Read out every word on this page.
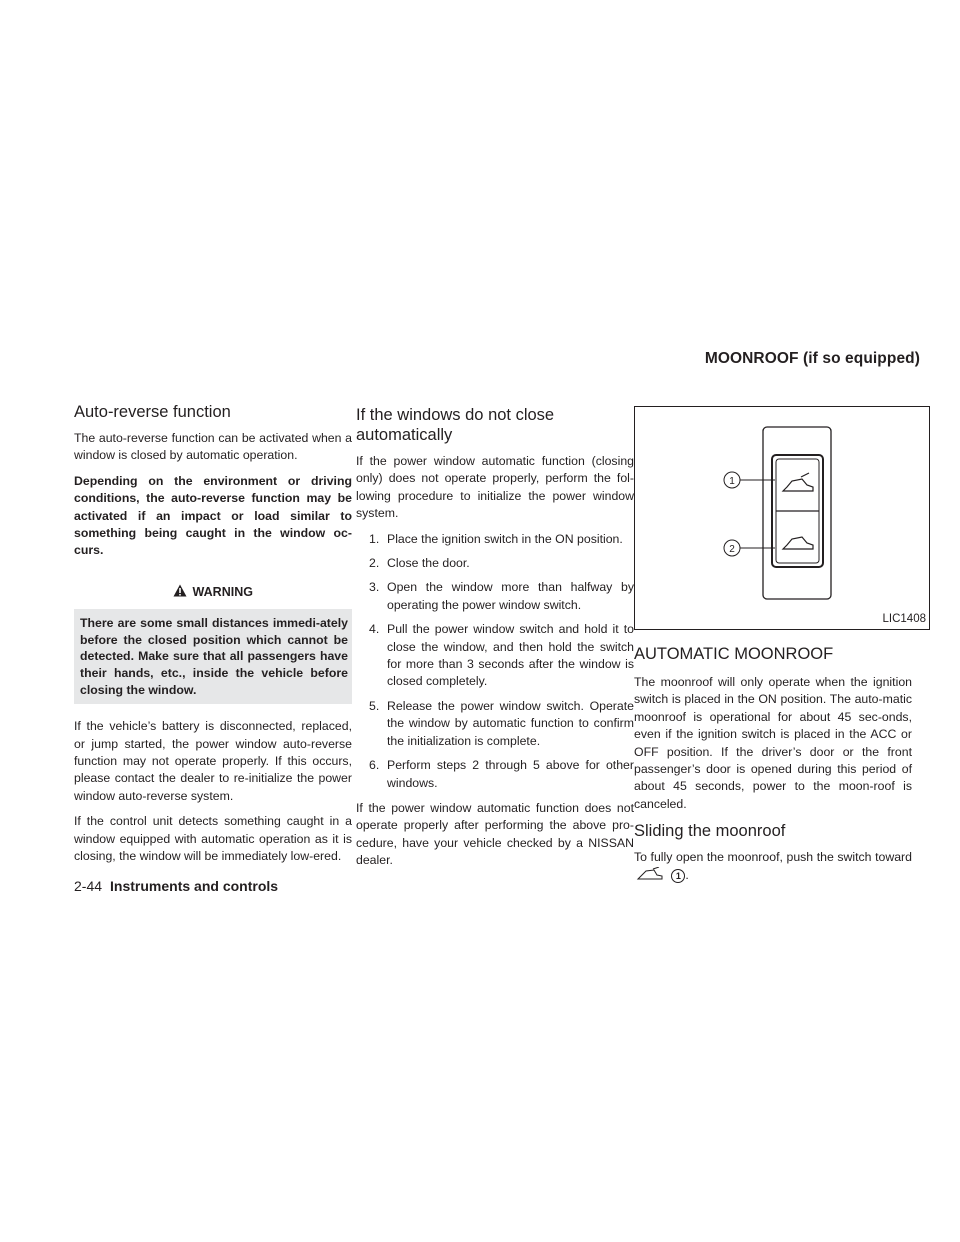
MOONROOF (if so equipped)
Auto-reverse function

The auto-reverse function can be activated when a window is closed by automatic operation.

Depending on the environment or driving conditions, the auto-reverse function may be activated if an impact or load similar to something being caught in the window oc-curs.

WARNING
There are some small distances immedi-ately before the closed position which cannot be detected. Make sure that all passengers have their hands, etc., inside the vehicle before closing the window.

If the vehicle’s battery is disconnected, replaced, or jump started, the power window auto-reverse function may not operate properly. If this occurs, please contact the dealer to re-initialize the power window auto-reverse system.

If the control unit detects something caught in a window equipped with automatic operation as it is closing, the window will be immediately low-ered.

If the windows do not close automatically

If the power window automatic function (closing only) does not operate properly, perform the fol-lowing procedure to initialize the power window system.

1. Place the ignition switch in the ON position.
2. Close the door.
3. Open the window more than halfway by operating the power window switch.
4. Pull the power window switch and hold it to close the window, and then hold the switch for more than 3 seconds after the window is closed completely.
5. Release the power window switch. Operate the window by automatic function to confirm the initialization is complete.
6. Perform steps 2 through 5 above for other windows.

If the power window automatic function does not operate properly after performing the above pro-cedure, have your vehicle checked by a NISSAN dealer.

1
2
LIC1408
AUTOMATIC MOONROOF

The moonroof will only operate when the ignition switch is placed in the ON position. The auto-matic moonroof is operational for about 45 sec-onds, even if the ignition switch is placed in the ACC or OFF position. If the driver’s door or the front passenger’s door is opened during this period of about 45 seconds, power to the moon-roof is canceled.

Sliding the moonroof

To fully open the moonroof, push the switch toward  1 .

2-44 Instruments and controls
